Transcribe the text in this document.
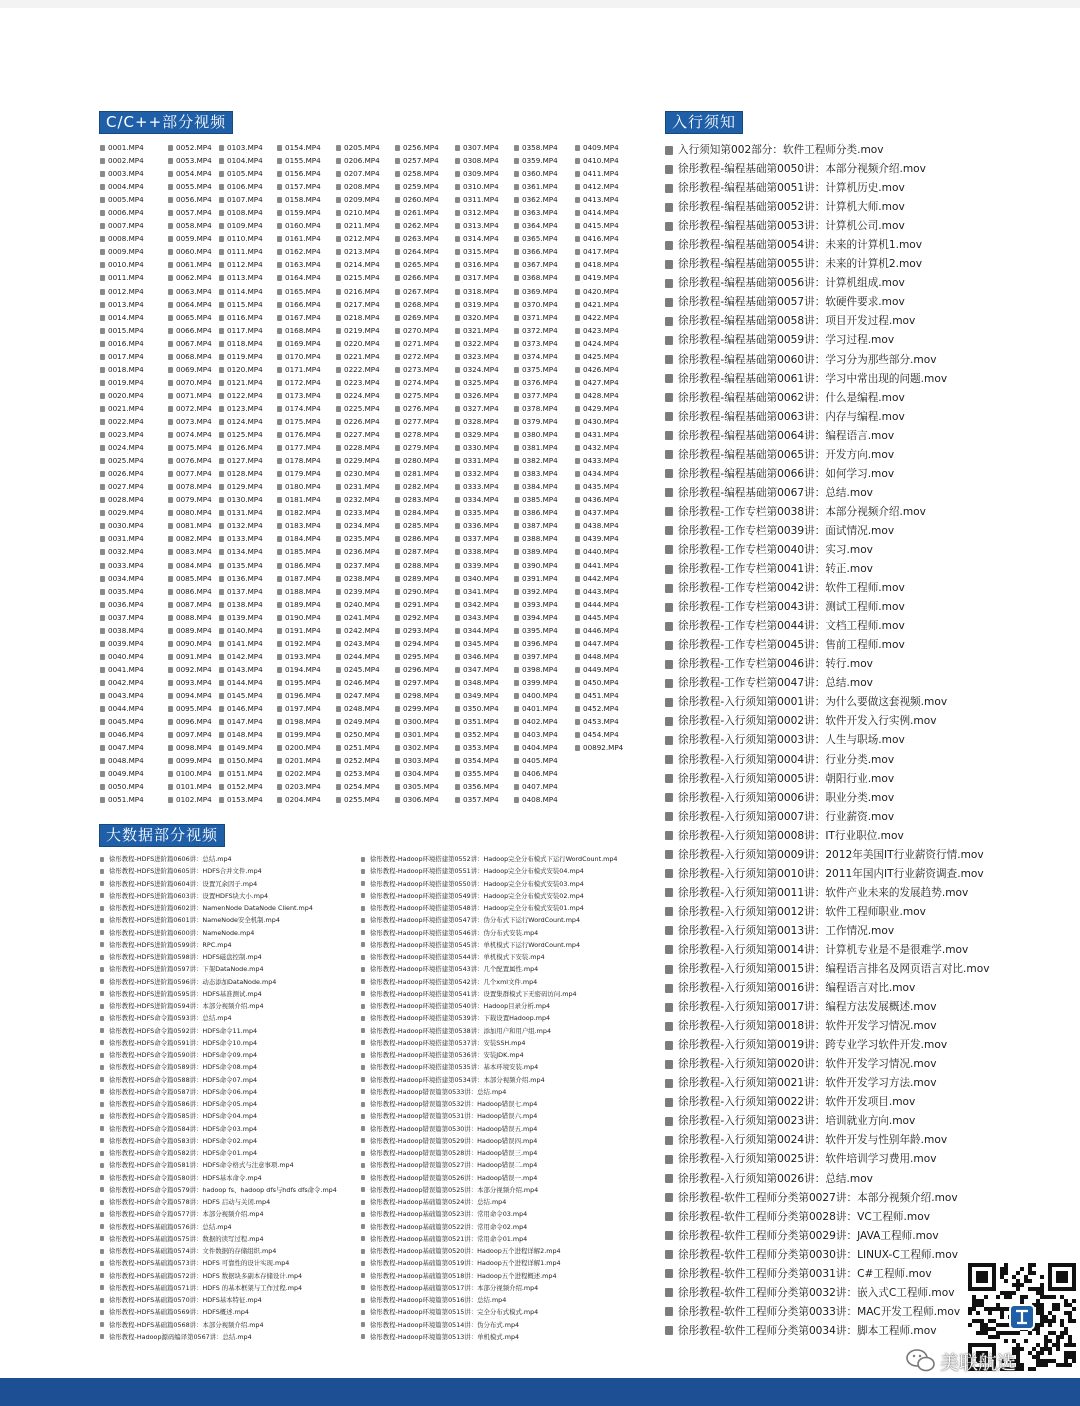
C/C++部分视频
0001.MP4
0002.MP4
0003.MP4
0004.MP4
0005.MP4
0006.MP4
0007.MP4
0008.MP4
0009.MP4
0010.MP4
0011.MP4
0012.MP4
0013.MP4
0014.MP4
0015.MP4
0016.MP4
0017.MP4
0018.MP4
0019.MP4
0020.MP4
0021.MP4
0022.MP4
0023.MP4
0024.MP4
0025.MP4
0026.MP4
0027.MP4
0028.MP4
0029.MP4
0030.MP4
0031.MP4
0032.MP4
0033.MP4
0034.MP4
0035.MP4
0036.MP4
0037.MP4
0038.MP4
0039.MP4
0040.MP4
0041.MP4
0042.MP4
0043.MP4
0044.MP4
0045.MP4
0046.MP4
0047.MP4
0048.MP4
0049.MP4
0050.MP4
0051.MP4
0052.MP4
0053.MP4
0054.MP4
0055.MP4
0056.MP4
0057.MP4
0058.MP4
0059.MP4
0060.MP4
0061.MP4
0062.MP4
0063.MP4
0064.MP4
0065.MP4
0066.MP4
0067.MP4
0068.MP4
0069.MP4
0070.MP4
0071.MP4
0072.MP4
0073.MP4
0074.MP4
0075.MP4
0076.MP4
0077.MP4
0078.MP4
0079.MP4
0080.MP4
0081.MP4
0082.MP4
0083.MP4
0084.MP4
0085.MP4
0086.MP4
0087.MP4
0088.MP4
0089.MP4
0090.MP4
0091.MP4
0092.MP4
0093.MP4
0094.MP4
0095.MP4
0096.MP4
0097.MP4
0098.MP4
0099.MP4
0100.MP4
0101.MP4
0102.MP4
0103.MP4
0104.MP4
0105.MP4
0106.MP4
0107.MP4
0108.MP4
0109.MP4
0110.MP4
0111.MP4
0112.MP4
0113.MP4
0114.MP4
0115.MP4
0116.MP4
0117.MP4
0118.MP4
0119.MP4
0120.MP4
0121.MP4
0122.MP4
0123.MP4
0124.MP4
0125.MP4
0126.MP4
0127.MP4
0128.MP4
0129.MP4
0130.MP4
0131.MP4
0132.MP4
0133.MP4
0134.MP4
0135.MP4
0136.MP4
0137.MP4
0138.MP4
0139.MP4
0140.MP4
0141.MP4
0142.MP4
0143.MP4
0144.MP4
0145.MP4
0146.MP4
0147.MP4
0148.MP4
0149.MP4
0150.MP4
0151.MP4
0152.MP4
0153.MP4
0154.MP4
0155.MP4
0156.MP4
0157.MP4
0158.MP4
0159.MP4
0160.MP4
0161.MP4
0162.MP4
0163.MP4
0164.MP4
0165.MP4
0166.MP4
0167.MP4
0168.MP4
0169.MP4
0170.MP4
0171.MP4
0172.MP4
0173.MP4
0174.MP4
0175.MP4
0176.MP4
0177.MP4
0178.MP4
0179.MP4
0180.MP4
0181.MP4
0182.MP4
0183.MP4
0184.MP4
0185.MP4
0186.MP4
0187.MP4
0188.MP4
0189.MP4
0190.MP4
0191.MP4
0192.MP4
0193.MP4
0194.MP4
0195.MP4
0196.MP4
0197.MP4
0198.MP4
0199.MP4
0200.MP4
0201.MP4
0202.MP4
0203.MP4
0204.MP4
0205.MP4
0206.MP4
0207.MP4
0208.MP4
0209.MP4
0210.MP4
0211.MP4
0212.MP4
0213.MP4
0214.MP4
0215.MP4
0216.MP4
0217.MP4
0218.MP4
0219.MP4
0220.MP4
0221.MP4
0222.MP4
0223.MP4
0224.MP4
0225.MP4
0226.MP4
0227.MP4
0228.MP4
0229.MP4
0230.MP4
0231.MP4
0232.MP4
0233.MP4
0234.MP4
0235.MP4
0236.MP4
0237.MP4
0238.MP4
0239.MP4
0240.MP4
0241.MP4
0242.MP4
0243.MP4
0244.MP4
0245.MP4
0246.MP4
0247.MP4
0248.MP4
0249.MP4
0250.MP4
0251.MP4
0252.MP4
0253.MP4
0254.MP4
0255.MP4
0256.MP4
0257.MP4
0258.MP4
0259.MP4
0260.MP4
0261.MP4
0262.MP4
0263.MP4
0264.MP4
0265.MP4
0266.MP4
0267.MP4
0268.MP4
0269.MP4
0270.MP4
0271.MP4
0272.MP4
0273.MP4
0274.MP4
0275.MP4
0276.MP4
0277.MP4
0278.MP4
0279.MP4
0280.MP4
0281.MP4
0282.MP4
0283.MP4
0284.MP4
0285.MP4
0286.MP4
0287.MP4
0288.MP4
0289.MP4
0290.MP4
0291.MP4
0292.MP4
0293.MP4
0294.MP4
0295.MP4
0296.MP4
0297.MP4
0298.MP4
0299.MP4
0300.MP4
0301.MP4
0302.MP4
0303.MP4
0304.MP4
0305.MP4
0306.MP4
0307.MP4
0308.MP4
0309.MP4
0310.MP4
0311.MP4
0312.MP4
0313.MP4
0314.MP4
0315.MP4
0316.MP4
0317.MP4
0318.MP4
0319.MP4
0320.MP4
0321.MP4
0322.MP4
0323.MP4
0324.MP4
0325.MP4
0326.MP4
0327.MP4
0328.MP4
0329.MP4
0330.MP4
0331.MP4
0332.MP4
0333.MP4
0334.MP4
0335.MP4
0336.MP4
0337.MP4
0338.MP4
0339.MP4
0340.MP4
0341.MP4
0342.MP4
0343.MP4
0344.MP4
0345.MP4
0346.MP4
0347.MP4
0348.MP4
0349.MP4
0350.MP4
0351.MP4
0352.MP4
0353.MP4
0354.MP4
0355.MP4
0356.MP4
0357.MP4
0358.MP4
0359.MP4
0360.MP4
0361.MP4
0362.MP4
0363.MP4
0364.MP4
0365.MP4
0366.MP4
0367.MP4
0368.MP4
0369.MP4
0370.MP4
0371.MP4
0372.MP4
0373.MP4
0374.MP4
0375.MP4
0376.MP4
0377.MP4
0378.MP4
0379.MP4
0380.MP4
0381.MP4
0382.MP4
0383.MP4
0384.MP4
0385.MP4
0386.MP4
0387.MP4
0388.MP4
0389.MP4
0390.MP4
0391.MP4
0392.MP4
0393.MP4
0394.MP4
0395.MP4
0396.MP4
0397.MP4
0398.MP4
0399.MP4
0400.MP4
0401.MP4
0402.MP4
0403.MP4
0404.MP4
0405.MP4
0406.MP4
0407.MP4
0408.MP4
0409.MP4
0410.MP4
0411.MP4
0412.MP4
0413.MP4
0414.MP4
0415.MP4
0416.MP4
0417.MP4
0418.MP4
0419.MP4
0420.MP4
0421.MP4
0422.MP4
0423.MP4
0424.MP4
0425.MP4
0426.MP4
0427.MP4
0428.MP4
0429.MP4
0430.MP4
0431.MP4
0432.MP4
0433.MP4
0434.MP4
0435.MP4
0436.MP4
0437.MP4
0438.MP4
0439.MP4
0440.MP4
0441.MP4
0442.MP4
0443.MP4
0444.MP4
0445.MP4
0446.MP4
0447.MP4
0448.MP4
0449.MP4
0450.MP4
0451.MP4
0452.MP4
0453.MP4
0454.MP4
00892.MP4
大数据部分视频
徐彤教程-HDFS进阶篇0606讲：总结.mp4
徐彤教程-HDFS进阶篇0605讲：HDFS合并文件.mp4
徐彤教程-HDFS进阶篇0604讲：设置冗余因子.mp4
徐彤教程-HDFS进阶篇0603讲：设置HDFS块大小.mp4
徐彤教程-HDFS进阶篇0602讲：NamenNode DataNode Client.mp4
徐彤教程-HDFS进阶篇0601讲：NameNode安全机制.mp4
徐彤教程-HDFS进阶篇0600讲：NameNode.mp4
徐彤教程-HDFS进阶篇0599讲：RPC.mp4
徐彤教程-HDFS进阶篇0598讲：HDFS磁盘控制.mp4
徐彤教程-HDFS进阶篇0597讲：下架DataNode.mp4
徐彤教程-HDFS进阶篇0596讲：动态添加DataNode.mp4
徐彤教程-HDFS进阶篇0595讲：HDFS基准测试.mp4
徐彤教程-HDFS进阶篇0594讲：本部分视频介绍.mp4
徐彤教程-HDFS命令篇0593讲：总结.mp4
徐彤教程-HDFS命令篇0592讲：HDFS命令11.mp4
徐彤教程-HDFS命令篇0591讲：HDFS命令10.mp4
徐彤教程-HDFS命令篇0590讲：HDFS命令09.mp4
徐彤教程-HDFS命令篇0589讲：HDFS命令08.mp4
徐彤教程-HDFS命令篇0588讲：HDFS命令07.mp4
徐彤教程-HDFS命令篇0587讲：HDFS命令06.mp4
徐彤教程-HDFS命令篇0586讲：HDFS命令05.mp4
徐彤教程-HDFS命令篇0585讲：HDFS命令04.mp4
徐彤教程-HDFS命令篇0584讲：HDFS命令03.mp4
徐彤教程-HDFS命令篇0583讲：HDFS命令02.mp4
徐彤教程-HDFS命令篇0582讲：HDFS命令01.mp4
徐彤教程-HDFS命令篇0581讲：HDFS命令格式与注意事项.mp4
徐彤教程-HDFS命令篇0580讲：HDFS基本命令.mp4
徐彤教程-HDFS命令篇0579讲：hadoop fs、hadoop dfs与hdfs dfs命令.mp4
徐彤教程-HDFS命令篇0578讲：HDFS 启动与关闭.mp4
徐彤教程-HDFS命令篇0577讲：本部分视频介绍.mp4
徐彤教程-HDFS基础篇0576讲：总结.mp4
徐彤教程-HDFS基础篇0575讲：数据的读写过程.mp4
徐彤教程-HDFS基础篇0574讲：文件数据的存储组织.mp4
徐彤教程-HDFS基础篇0573讲：HDFS 可靠性的设计实现.mp4
徐彤教程-HDFS基础篇0572讲：HDFS 数据块多副本存储设计.mp4
徐彤教程-HDFS基础篇0571讲：HDFS 的基本框架与工作过程.mp4
徐彤教程-HDFS基础篇0570讲：HDFS基本特征.mp4
徐彤教程-HDFS基础篇0569讲：HDFS概述.mp4
徐彤教程-HDFS基础篇0568讲：本部分视频介绍.mp4
徐彤教程-Hadoop源码编译第0567讲：总结.mp4
徐彤教程-Hadoop环境搭建第0552讲：Hadoop完全分布模式下运行WordCount.mp4
徐彤教程-Hadoop环境搭建第0551讲：Hadoop完全分布模式安装04.mp4
徐彤教程-Hadoop环境搭建第0550讲：Hadoop完全分布模式安装03.mp4
徐彤教程-Hadoop环境搭建第0549讲：Hadoop完全分布模式安装02.mp4
徐彤教程-Hadoop环境搭建第0548讲：Hadoop完全分布模式安装01.mp4
徐彤教程-Hadoop环境搭建第0547讲：伪分布式下运行WordCount.mp4
徐彤教程-Hadoop环境搭建第0546讲：伪分布式安装.mp4
徐彤教程-Hadoop环境搭建第0545讲：单机模式下运行WordCount.mp4
徐彤教程-Hadoop环境搭建第0544讲：单机模式下安装.mp4
徐彤教程-Hadoop环境搭建第0543讲：几个配置属性.mp4
徐彤教程-Hadoop环境搭建第0542讲：几个xml文件.mp4
徐彤教程-Hadoop环境搭建第0541讲：设置集群模式下无密码访问.mp4
徐彤教程-Hadoop环境搭建第0540讲：Hadoop目录分析.mp4
徐彤教程-Hadoop环境搭建第0539讲：下载设置Hadoop.mp4
徐彤教程-Hadoop环境搭建第0538讲：添加用户和用户组.mp4
徐彤教程-Hadoop环境搭建第0537讲：安装SSH.mp4
徐彤教程-Hadoop环境搭建第0536讲：安装JDK.mp4
徐彤教程-Hadoop环境搭建第0535讲：基本环境安装.mp4
徐彤教程-Hadoop环境搭建第0534讲：本部分视频介绍.mp4
徐彤教程-Hadoop错误篇第0533讲：总结.mp4
徐彤教程-Hadoop错误篇第0532讲：Hadoop错误七.mp4
徐彤教程-Hadoop错误篇第0531讲：Hadoop错误六.mp4
徐彤教程-Hadoop错误篇第0530讲：Hadoop错误五.mp4
徐彤教程-Hadoop错误篇第0529讲：Hadoop错误四.mp4
徐彤教程-Hadoop错误篇第0528讲：Hadoop错误三.mp4
徐彤教程-Hadoop错误篇第0527讲：Hadoop错误二.mp4
徐彤教程-Hadoop错误篇第0526讲：Hadoop错误一.mp4
徐彤教程-Hadoop错误篇第0525讲：本部分视频介绍.mp4
徐彤教程-Hadoop基础篇第0524讲：总结.mp4
徐彤教程-Hadoop基础篇第0523讲：常用命令03.mp4
徐彤教程-Hadoop基础篇第0522讲：常用命令02.mp4
徐彤教程-Hadoop基础篇第0521讲：常用命令01.mp4
徐彤教程-Hadoop基础篇第0520讲：Hadoop五个进程详解2.mp4
徐彤教程-Hadoop基础篇第0519讲：Hadoop五个进程详解1.mp4
徐彤教程-Hadoop基础篇第0518讲：Hadoop五个进程概述.mp4
徐彤教程-Hadoop基础篇第0517讲：本部分视频介绍.mp4
徐彤教程-Hadoop环境篇第0516讲：总结.mp4
徐彤教程-Hadoop环境篇第0515讲：完全分布式模式.mp4
徐彤教程-Hadoop环境篇第0514讲：伪分布式.mp4
徐彤教程-Hadoop环境篇第0513讲：单机模式.mp4
入行须知
入行须知第002部分：软件工程师分类.mov
徐彤教程-编程基础第0050讲：本部分视频介绍.mov
徐彤教程-编程基础第0051讲：计算机历史.mov
徐彤教程-编程基础第0052讲：计算机大师.mov
徐彤教程-编程基础第0053讲：计算机公司.mov
徐彤教程-编程基础第0054讲：未来的计算机1.mov
徐彤教程-编程基础第0055讲：未来的计算机2.mov
徐彤教程-编程基础第0056讲：计算机组成.mov
徐彤教程-编程基础第0057讲：软硬件要求.mov
徐彤教程-编程基础第0058讲：项目开发过程.mov
徐彤教程-编程基础第0059讲：学习过程.mov
徐彤教程-编程基础第0060讲：学习分为那些部分.mov
徐彤教程-编程基础第0061讲：学习中常出现的问题.mov
徐彤教程-编程基础第0062讲：什么是编程.mov
徐彤教程-编程基础第0063讲：内存与编程.mov
徐彤教程-编程基础第0064讲：编程语言.mov
徐彤教程-编程基础第0065讲：开发方向.mov
徐彤教程-编程基础第0066讲：如何学习.mov
徐彤教程-编程基础第0067讲：总结.mov
徐彤教程-工作专栏第0038讲：本部分视频介绍.mov
徐彤教程-工作专栏第0039讲：面试情况.mov
徐彤教程-工作专栏第0040讲：实习.mov
徐彤教程-工作专栏第0041讲：转正.mov
徐彤教程-工作专栏第0042讲：软件工程师.mov
徐彤教程-工作专栏第0043讲：测试工程师.mov
徐彤教程-工作专栏第0044讲：文档工程师.mov
徐彤教程-工作专栏第0045讲：售前工程师.mov
徐彤教程-工作专栏第0046讲：转行.mov
徐彤教程-工作专栏第0047讲：总结.mov
徐彤教程-入行须知第0001讲：为什么要做这套视频.mov
徐彤教程-入行须知第0002讲：软件开发入行实例.mov
徐彤教程-入行须知第0003讲：人生与职场.mov
徐彤教程-入行须知第0004讲：行业分类.mov
徐彤教程-入行须知第0005讲：朝阳行业.mov
徐彤教程-入行须知第0006讲：职业分类.mov
徐彤教程-入行须知第0007讲：行业薪资.mov
徐彤教程-入行须知第0008讲：IT行业职位.mov
徐彤教程-入行须知第0009讲：2012年美国IT行业薪资行情.mov
徐彤教程-入行须知第0010讲：2011年国内IT行业薪资调查.mov
徐彤教程-入行须知第0011讲：软件产业未来的发展趋势.mov
徐彤教程-入行须知第0012讲：软件工程师职业.mov
徐彤教程-入行须知第0013讲：工作情况.mov
徐彤教程-入行须知第0014讲：计算机专业是不是很难学.mov
徐彤教程-入行须知第0015讲：编程语言排名及网页语言对比.mov
徐彤教程-入行须知第0016讲：编程语言对比.mov
徐彤教程-入行须知第0017讲：编程方法发展概述.mov
徐彤教程-入行须知第0018讲：软件开发学习情况.mov
徐彤教程-入行须知第0019讲：跨专业学习软件开发.mov
徐彤教程-入行须知第0020讲：软件开发学习情况.mov
徐彤教程-入行须知第0021讲：软件开发学习方法.mov
徐彤教程-入行须知第0022讲：软件开发项目.mov
徐彤教程-入行须知第0023讲：培训就业方向.mov
徐彤教程-入行须知第0024讲：软件开发与性别年龄.mov
徐彤教程-入行须知第0025讲：软件培训学习费用.mov
徐彤教程-入行须知第0026讲：总结.mov
徐彤教程-软件工程师分类第0027讲：本部分视频介绍.mov
徐彤教程-软件工程师分类第0028讲：VC工程师.mov
徐彤教程-软件工程师分类第0029讲：JAVA工程师.mov
徐彤教程-软件工程师分类第0030讲：LINUX-C工程师.mov
徐彤教程-软件工程师分类第0031讲：C#工程师.mov
徐彤教程-软件工程师分类第0032讲：嵌入式C工程师.mov
徐彤教程-软件工程师分类第0033讲：MAC开发工程师.mov
徐彤教程-软件工程师分类第0034讲：脚本工程师.mov
美联航选
